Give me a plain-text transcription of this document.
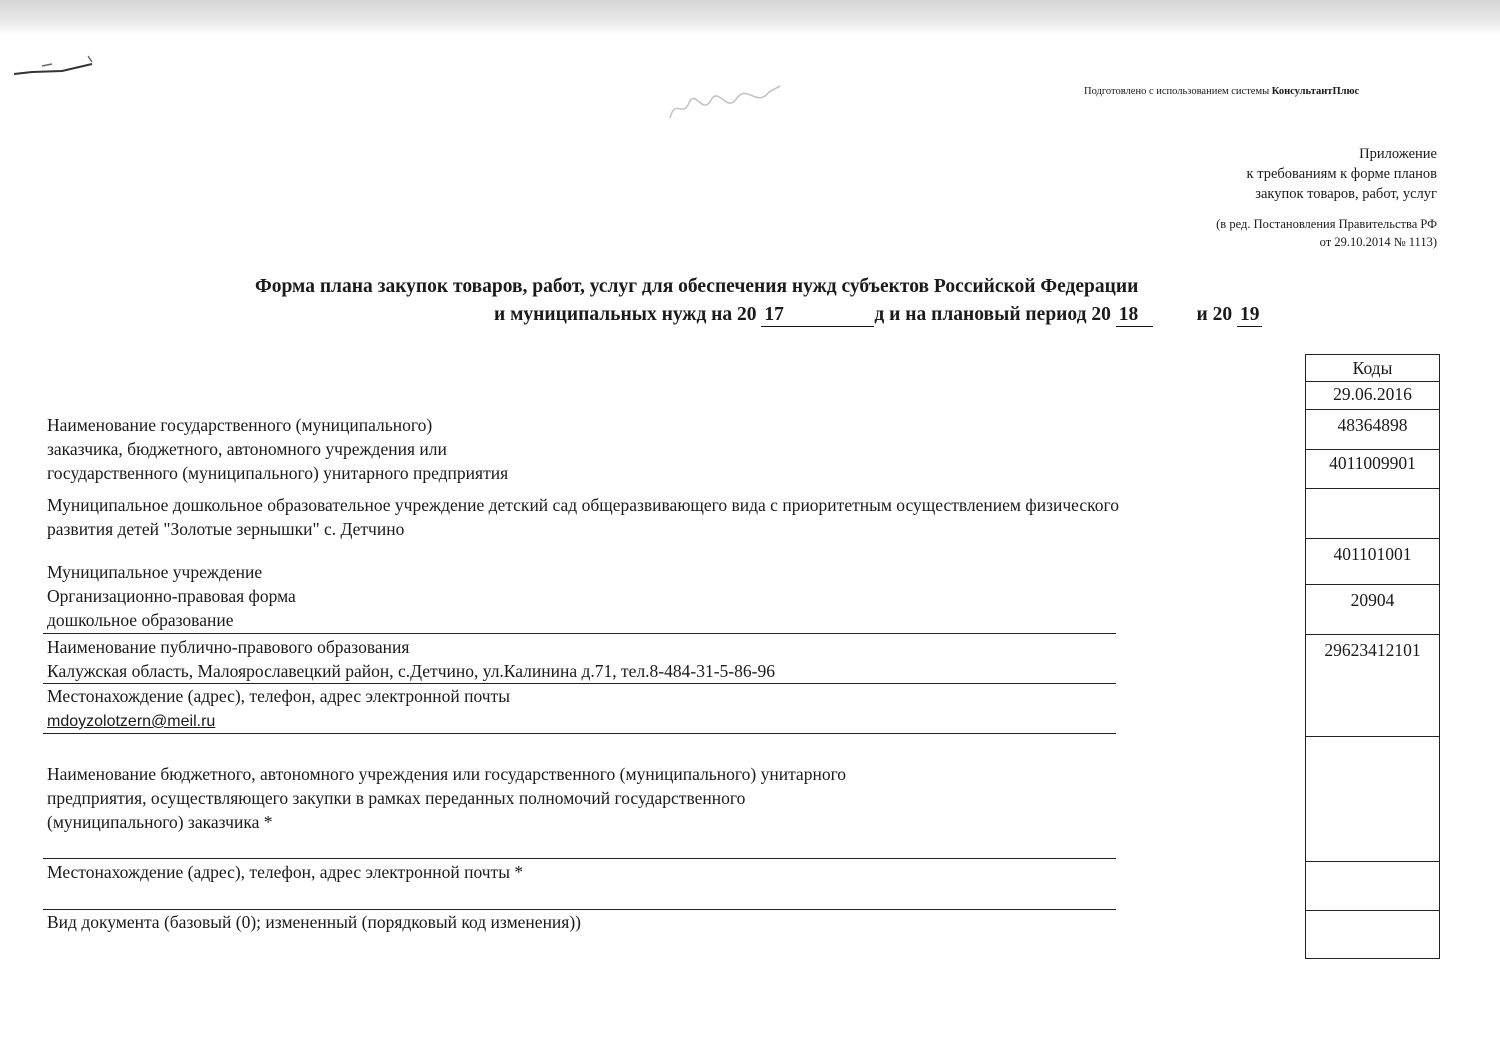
Подготовлено с использованием системы КонсультантПлюс
Приложение
к требованиям к форме планов
закупок товаров, работ, услуг
(в ред. Постановления Правительства РФ
от 29.10.2014 № 1113)
Форма плана закупок товаров, работ, услуг для обеспечения нужд субъектов Российской Федерации
и муниципальных нужд на 20 17	д и на плановый период 20 18	и 20 19
Наименование государственного (муниципального)
заказчика, бюджетного, автономного учреждения или
государственного (муниципального) унитарного предприятия
Муниципальное дошкольное образовательное учреждение детский сад общеразвивающего вида с приоритетным осуществлением физического
развития детей "Золотые зернышки" с. Детчино
Муниципальное учреждение
Организационно-правовая форма
дошкольное образование
Наименование публично-правового образования
Калужская область, Малоярославецкий район, с.Детчино, ул.Калинина д.71, тел.8-484-31-5-86-96
Местонахождение (адрес), телефон, адрес электронной почты
mdoyzolotzern@meil.ru
Наименование бюджетного, автономного учреждения или государственного (муниципального) унитарного
предприятия, осуществляющего закупки в рамках переданных полномочий государственного
(муниципального) заказчика *
Местонахождение (адрес), телефон, адрес электронной почты *
Вид документа (базовый (0); измененный (порядковый код изменения))
Коды
29.06.2016
48364898
4011009901
401101001
20904
29623412101
